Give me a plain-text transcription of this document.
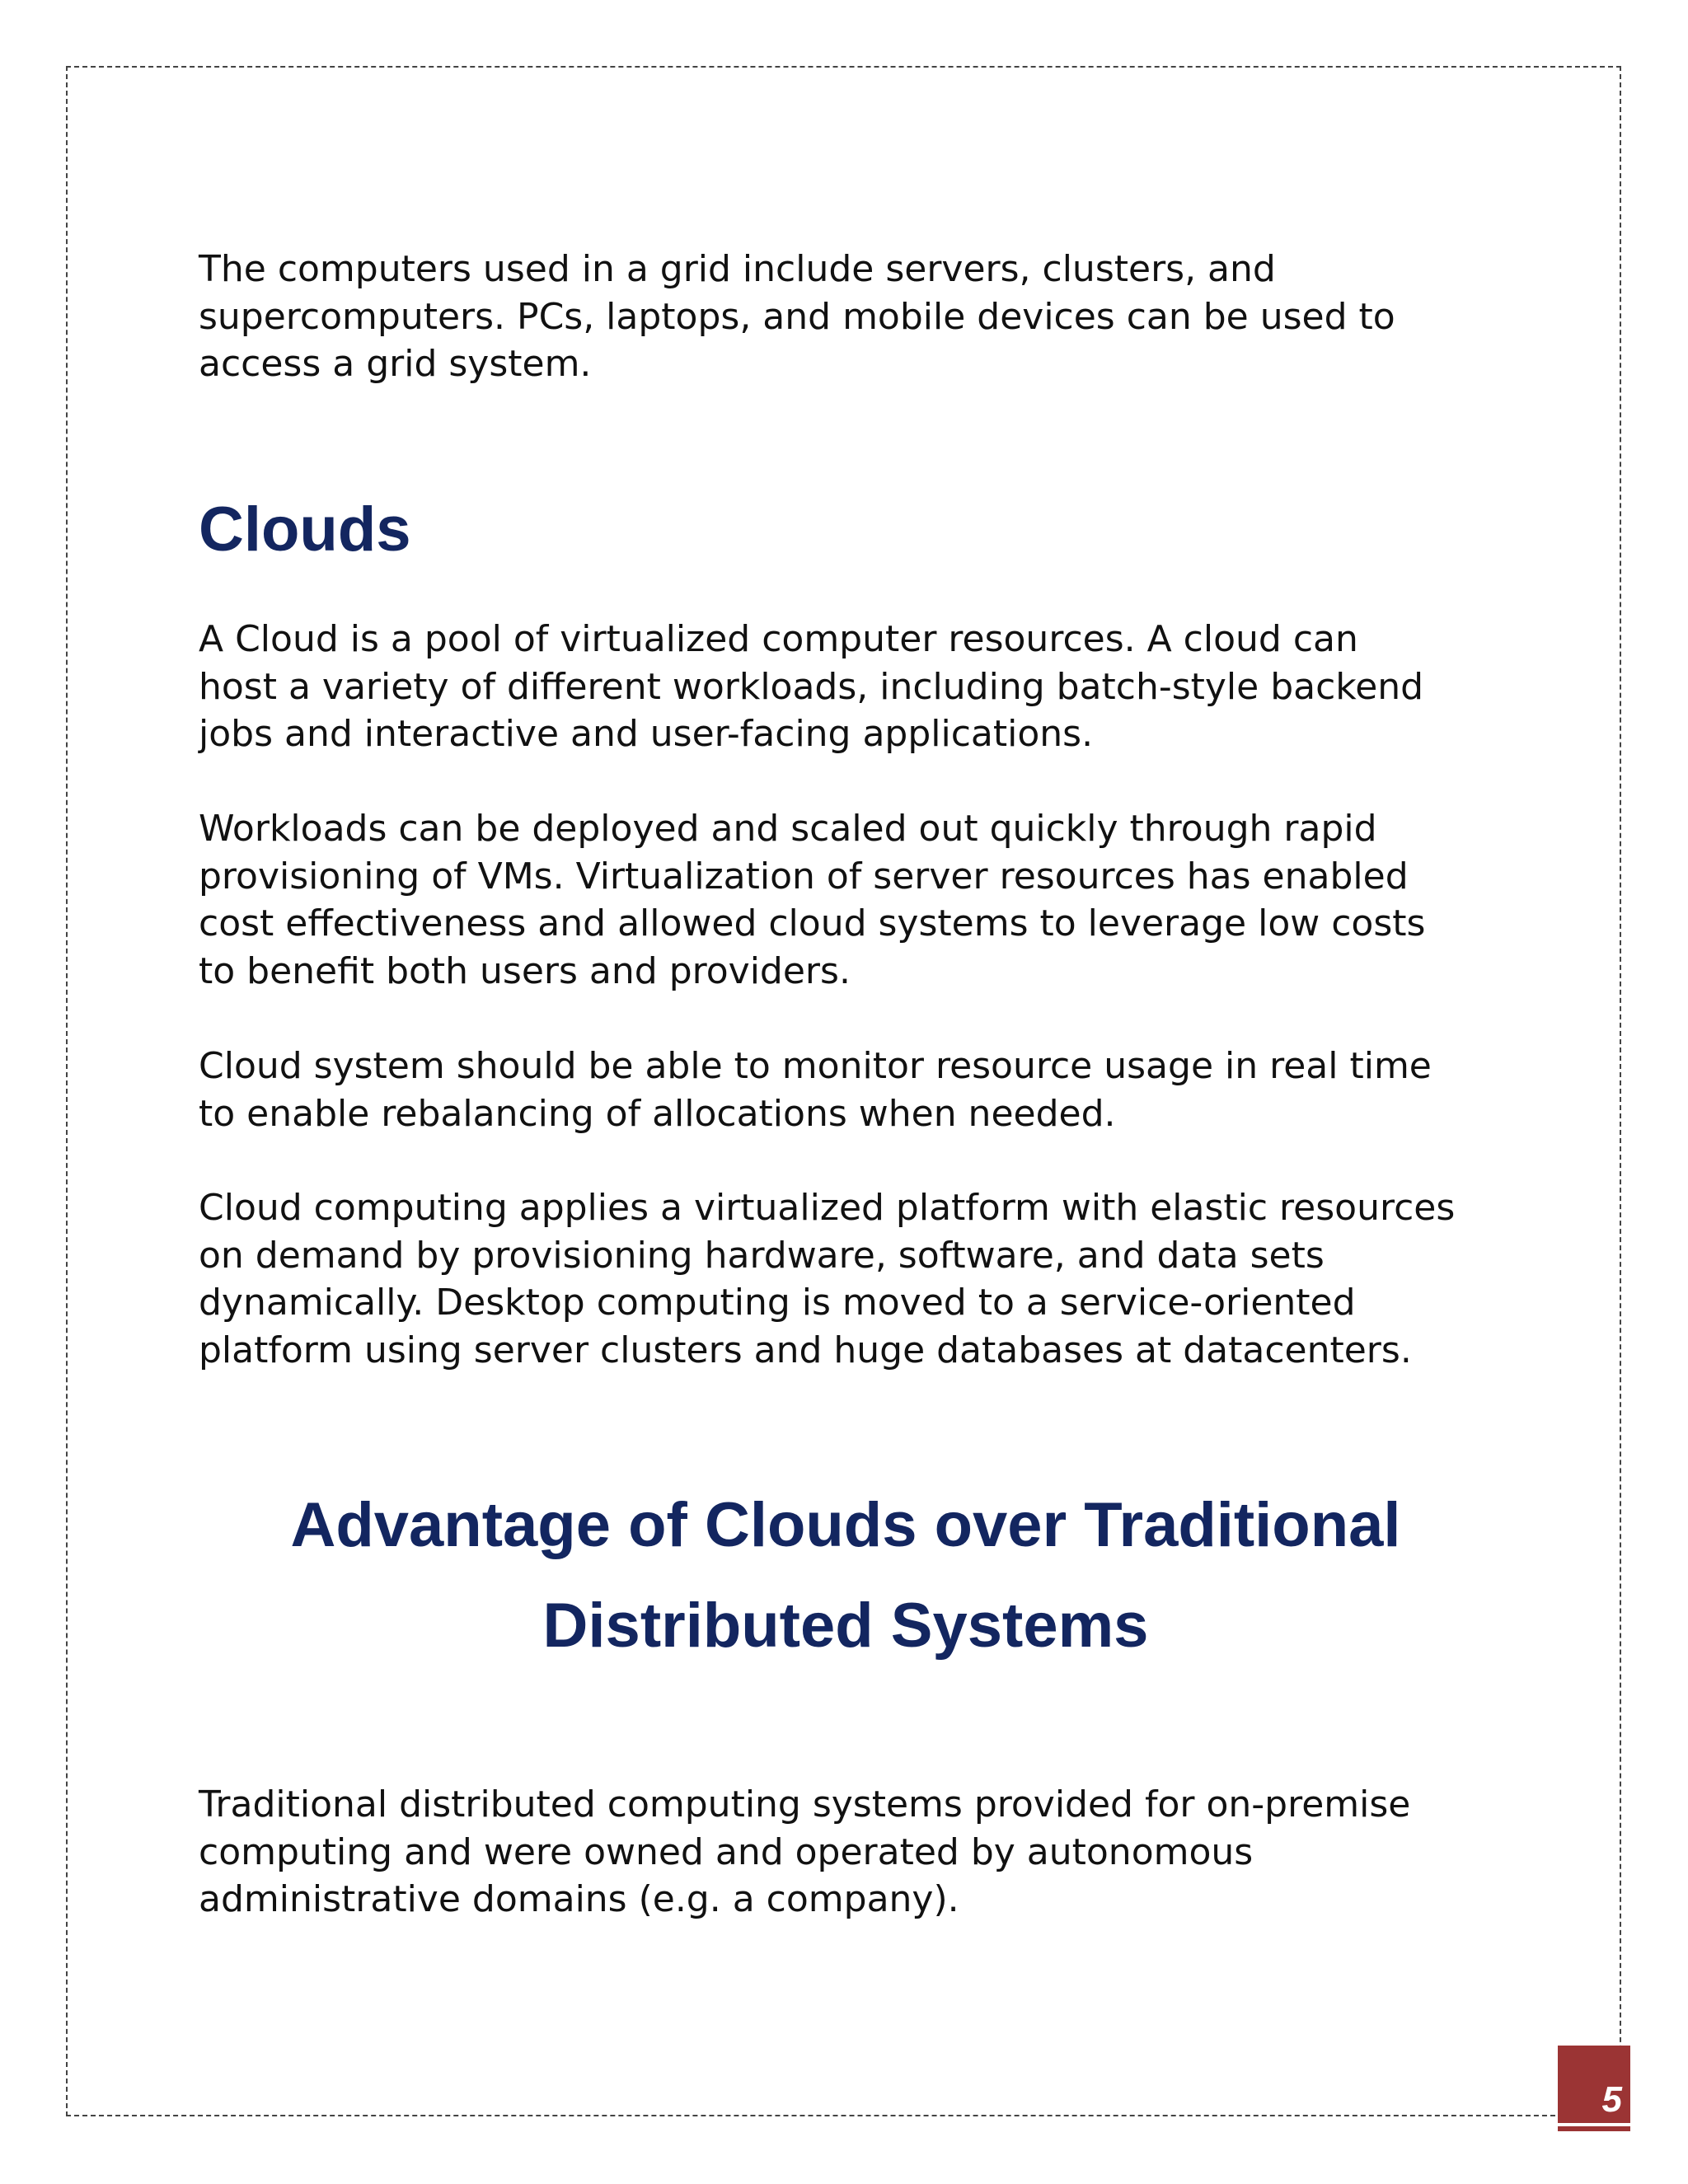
The computers used in a grid include servers, clusters, and

supercomputers. PCs, laptops, and mobile devices can be used to

access a grid system.

Clouds

A Cloud is a pool of virtualized computer resources. A cloud can

host a variety of different workloads, including batch-style backend

jobs and interactive and user-facing applications.

Workloads can be deployed and scaled out quickly through rapid

provisioning of VMs. Virtualization of server resources has enabled

cost effectiveness and allowed cloud systems to leverage low costs

to benefit both users and providers.

Cloud system should be able to monitor resource usage in real time

to enable rebalancing of allocations when needed.

Cloud computing applies a virtualized platform with elastic resources

on demand by provisioning hardware, software, and data sets

dynamically. Desktop computing is moved to a service-oriented

platform using server clusters and huge databases at datacenters.

Advantage of Clouds over Traditional
Distributed Systems

Traditional distributed computing systems provided for on-premise

computing and were owned and operated by autonomous

administrative domains (e.g. a company).

5
